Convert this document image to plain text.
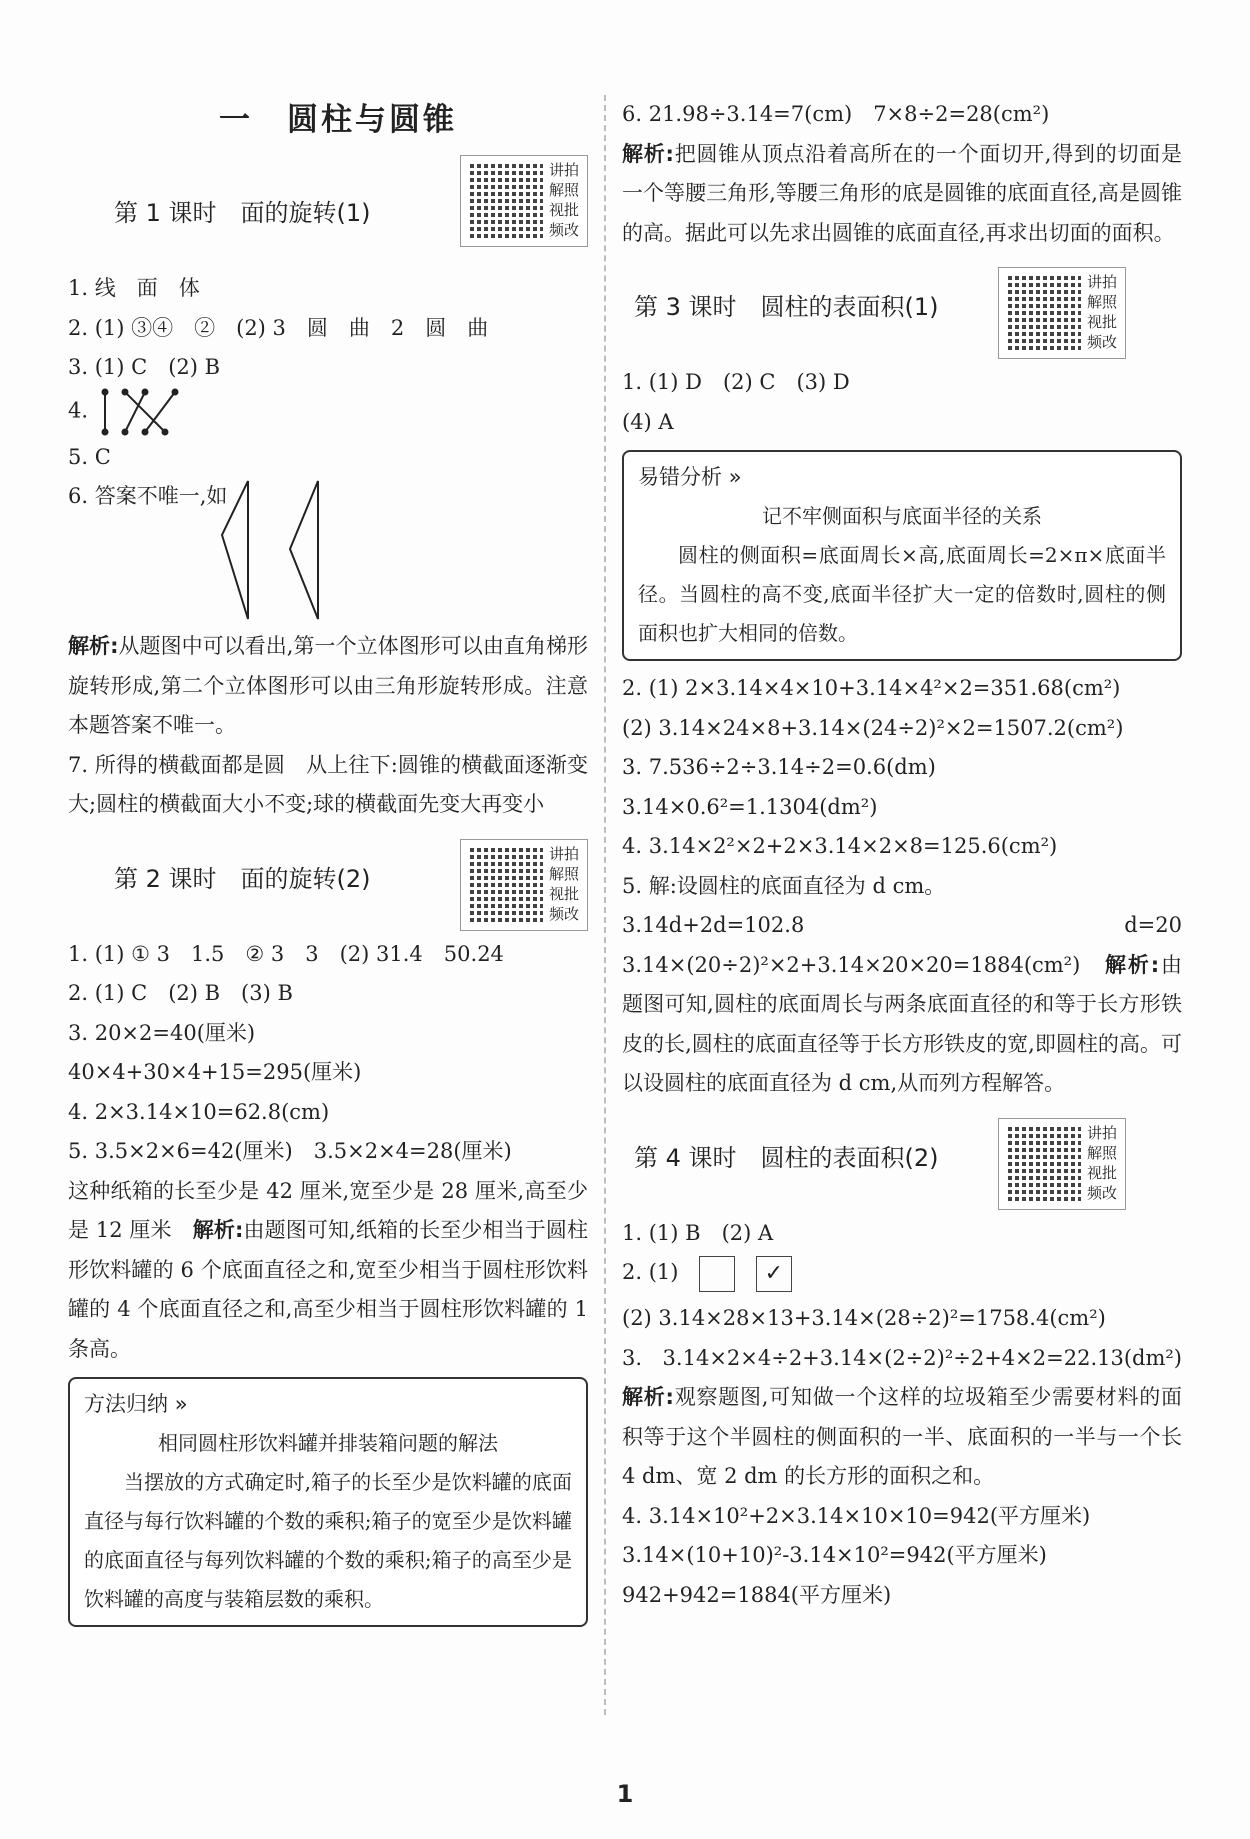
一　圆柱与圆锥
第 1 课时　面的旋转(1)
讲拍 解照 视批 频改
1. 线　面　体
2. (1) ③④　②　(2) 3　圆　曲　2　圆　曲
3. (1) C　(2) B
4.
5. C
6. 答案不唯一,如
解析:从题图中可以看出,第一个立体图形可以由直角梯形旋转形成,第二个立体图形可以由三角形旋转形成。注意本题答案不唯一。
7. 所得的横截面都是圆　从上往下:圆锥的横截面逐渐变大;圆柱的横截面大小不变;球的横截面先变大再变小
第 2 课时　面的旋转(2)
讲拍 解照 视批 频改
1. (1) ① 3　1.5　② 3　3　(2) 31.4　50.24
2. (1) C　(2) B　(3) B
3. 20×2=40(厘米)
40×4+30×4+15=295(厘米)
4. 2×3.14×10=62.8(cm)
5. 3.5×2×6=42(厘米)　3.5×2×4=28(厘米)
这种纸箱的长至少是 42 厘米,宽至少是 28 厘米,高至少是 12 厘米　 解析:由题图可知,纸箱的长至少相当于圆柱形饮料罐的 6 个底面直径之和,宽至少相当于圆柱形饮料罐的 4 个底面直径之和,高至少相当于圆柱形饮料罐的 1 条高。
方法归纳 »
相同圆柱形饮料罐并排装箱问题的解法
当摆放的方式确定时,箱子的长至少是饮料罐的底面直径与每行饮料罐的个数的乘积;箱子的宽至少是饮料罐的底面直径与每列饮料罐的个数的乘积;箱子的高至少是饮料罐的高度与装箱层数的乘积。
6. 21.98÷3.14=7(cm)　7×8÷2=28(cm²)
解析:把圆锥从顶点沿着高所在的一个面切开,得到的切面是一个等腰三角形,等腰三角形的底是圆锥的底面直径,高是圆锥的高。据此可以先求出圆锥的底面直径,再求出切面的面积。
第 3 课时　圆柱的表面积(1)
讲拍 解照 视批 频改
1. (1) D　(2) C　(3) D
(4) A
易错分析 »
记不牢侧面积与底面半径的关系
圆柱的侧面积=底面周长×高,底面周长=2×π×底面半径。当圆柱的高不变,底面半径扩大一定的倍数时,圆柱的侧面积也扩大相同的倍数。
2. (1) 2×3.14×4×10+3.14×4²×2=351.68(cm²)
(2) 3.14×24×8+3.14×(24÷2)²×2=1507.2(cm²)
3. 7.536÷2÷3.14÷2=0.6(dm)
3.14×0.6²=1.1304(dm²)
4. 3.14×2²×2+2×3.14×2×8=125.6(cm²)
5. 解:设圆柱的底面直径为 d cm。
3.14d+2d=102.8　d=20　3.14×(20÷2)²×2+3.14×20×20=1884(cm²)　 解析:由题图可知,圆柱的底面周长与两条底面直径的和等于长方形铁皮的长,圆柱的底面直径等于长方形铁皮的宽,即圆柱的高。可以设圆柱的底面直径为 d cm,从而列方程解答。
第 4 课时　圆柱的表面积(2)
讲拍 解照 视批 频改
1. (1) B　(2) A
2. (1)	✓
(2) 3.14×28×13+3.14×(28÷2)²=1758.4(cm²)
3. 3.14×2×4÷2+3.14×(2÷2)²÷2+4×2=22.13(dm²)　解析:观察题图,可知做一个这样的垃圾箱至少需要材料的面积等于这个半圆柱的侧面积的一半、底面积的一半与一个长 4 dm、宽 2 dm 的长方形的面积之和。
4. 3.14×10²+2×3.14×10×10=942(平方厘米)
3.14×(10+10)²-3.14×10²=942(平方厘米)
942+942=1884(平方厘米)
1
